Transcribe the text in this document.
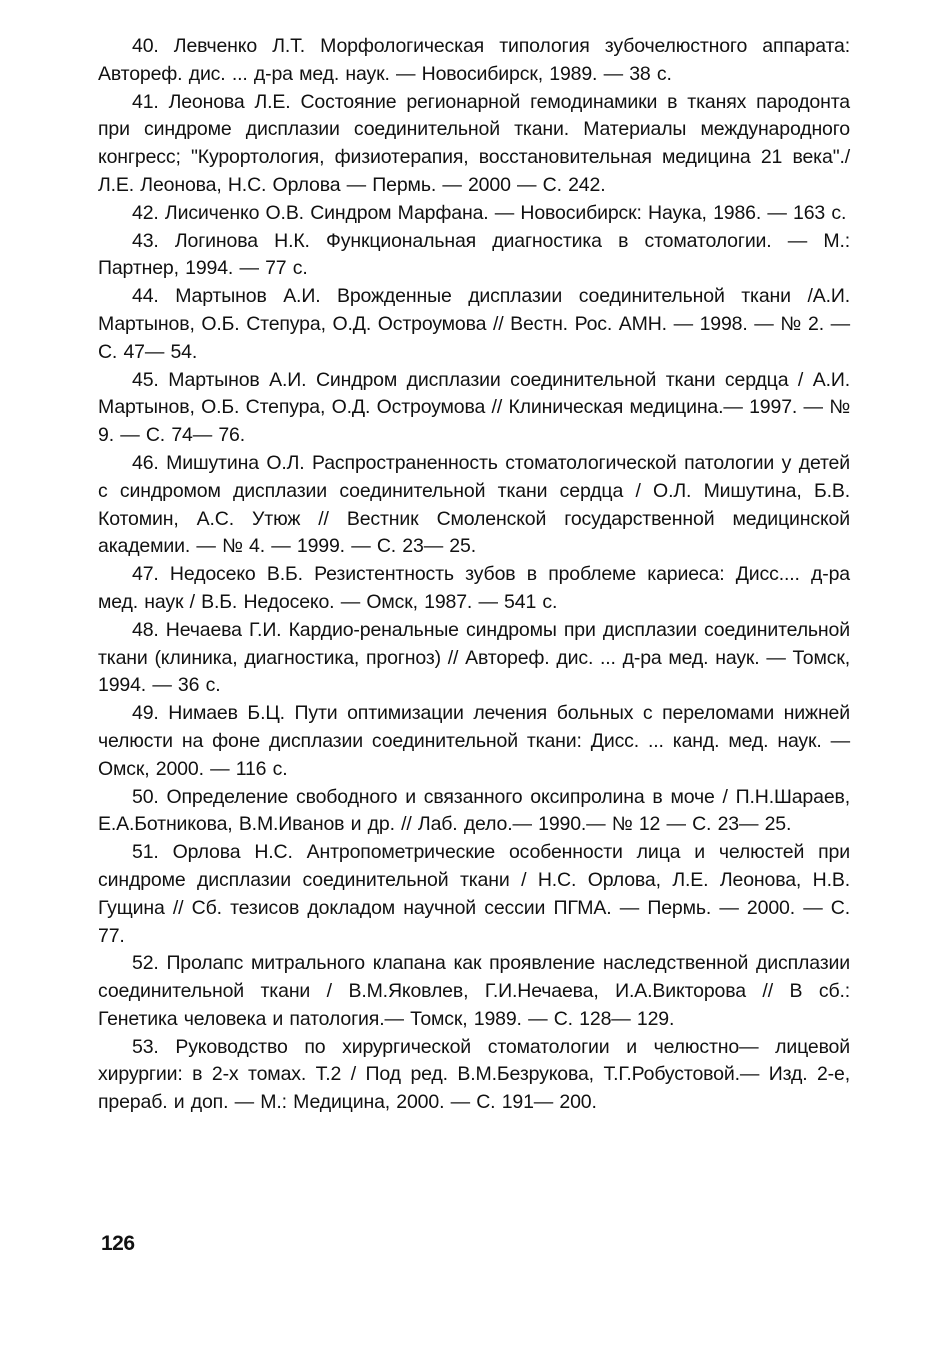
40. Левченко Л.Т. Морфологическая типология зубочелюстного аппарата: Автореф. дис. ... д-ра мед. наук. — Новосибирск, 1989. — 38 с.

41. Леонова Л.Е. Состояние регионарной гемодинамики в тканях пародонта при синдроме дисплазии соединительной ткани. Материалы международного конгресс; "Курортология, физиотерапия, восстановительная медицина 21 века"./ Л.Е. Леонова, Н.С. Орлова — Пермь. — 2000 — С. 242.

42. Лисиченко О.В. Синдром Марфана. — Новосибирск: Наука, 1986. — 163 с.

43. Логинова Н.К. Функциональная диагностика в стоматологии. — М.: Партнер, 1994. — 77 с.

44. Мартынов А.И. Врожденные дисплазии соединительной ткани /А.И. Мартынов, О.Б. Степура, О.Д. Остроумова // Вестн. Рос. АМН. — 1998. — № 2. — С. 47— 54.

45. Мартынов А.И. Синдром дисплазии соединительной ткани сердца / А.И. Мартынов, О.Б. Степура, О.Д. Остроумова // Клиническая медицина.— 1997. — № 9. — С. 74— 76.

46. Мишутина О.Л. Распространенность стоматологической патологии у детей с синдромом дисплазии соединительной ткани сердца / О.Л. Мишутина, Б.В. Котомин, А.С. Утюж // Вестник Смоленской государственной медицинской академии. — № 4. — 1999. — С. 23— 25.

47. Недосеко В.Б. Резистентность зубов в проблеме кариеса: Дисс.... д-ра мед. наук / В.Б. Недосеко. — Омск, 1987. — 541 с.

48. Нечаева Г.И. Кардио-ренальные синдромы при дисплазии соединительной ткани (клиника, диагностика, прогноз) // Автореф. дис. ... д-ра мед. наук. — Томск, 1994. — 36 с.

49. Нимаев Б.Ц. Пути оптимизации лечения больных с переломами нижней челюсти на фоне дисплазии соединительной ткани: Дисс. ... канд. мед. наук. — Омск, 2000. — 116 с.

50. Определение свободного и связанного оксипролина в моче / П.Н.Шараев, Е.А.Ботникова, В.М.Иванов и др. // Лаб. дело.— 1990.— № 12 — С. 23— 25.

51. Орлова Н.С. Антропометрические особенности лица и челюстей при синдроме дисплазии соединительной ткани / Н.С. Орлова, Л.Е. Леонова, Н.В. Гущина // Сб. тезисов докладом научной сессии ПГМА. — Пермь. — 2000. — С. 77.

52. Пролапс митрального клапана как проявление наследственной дисплазии соединительной ткани / В.М.Яковлев, Г.И.Нечаева, И.А.Викторова // В сб.: Генетика человека и патология.— Томск, 1989. — С. 128— 129.

53. Руководство по хирургической стоматологии и челюстно— лицевой хирургии: в 2-х томах. Т.2 / Под ред. В.М.Безрукова, Т.Г.Робустовой.— Изд. 2-е, прераб. и доп. — М.: Медицина, 2000. — С. 191— 200.

126
